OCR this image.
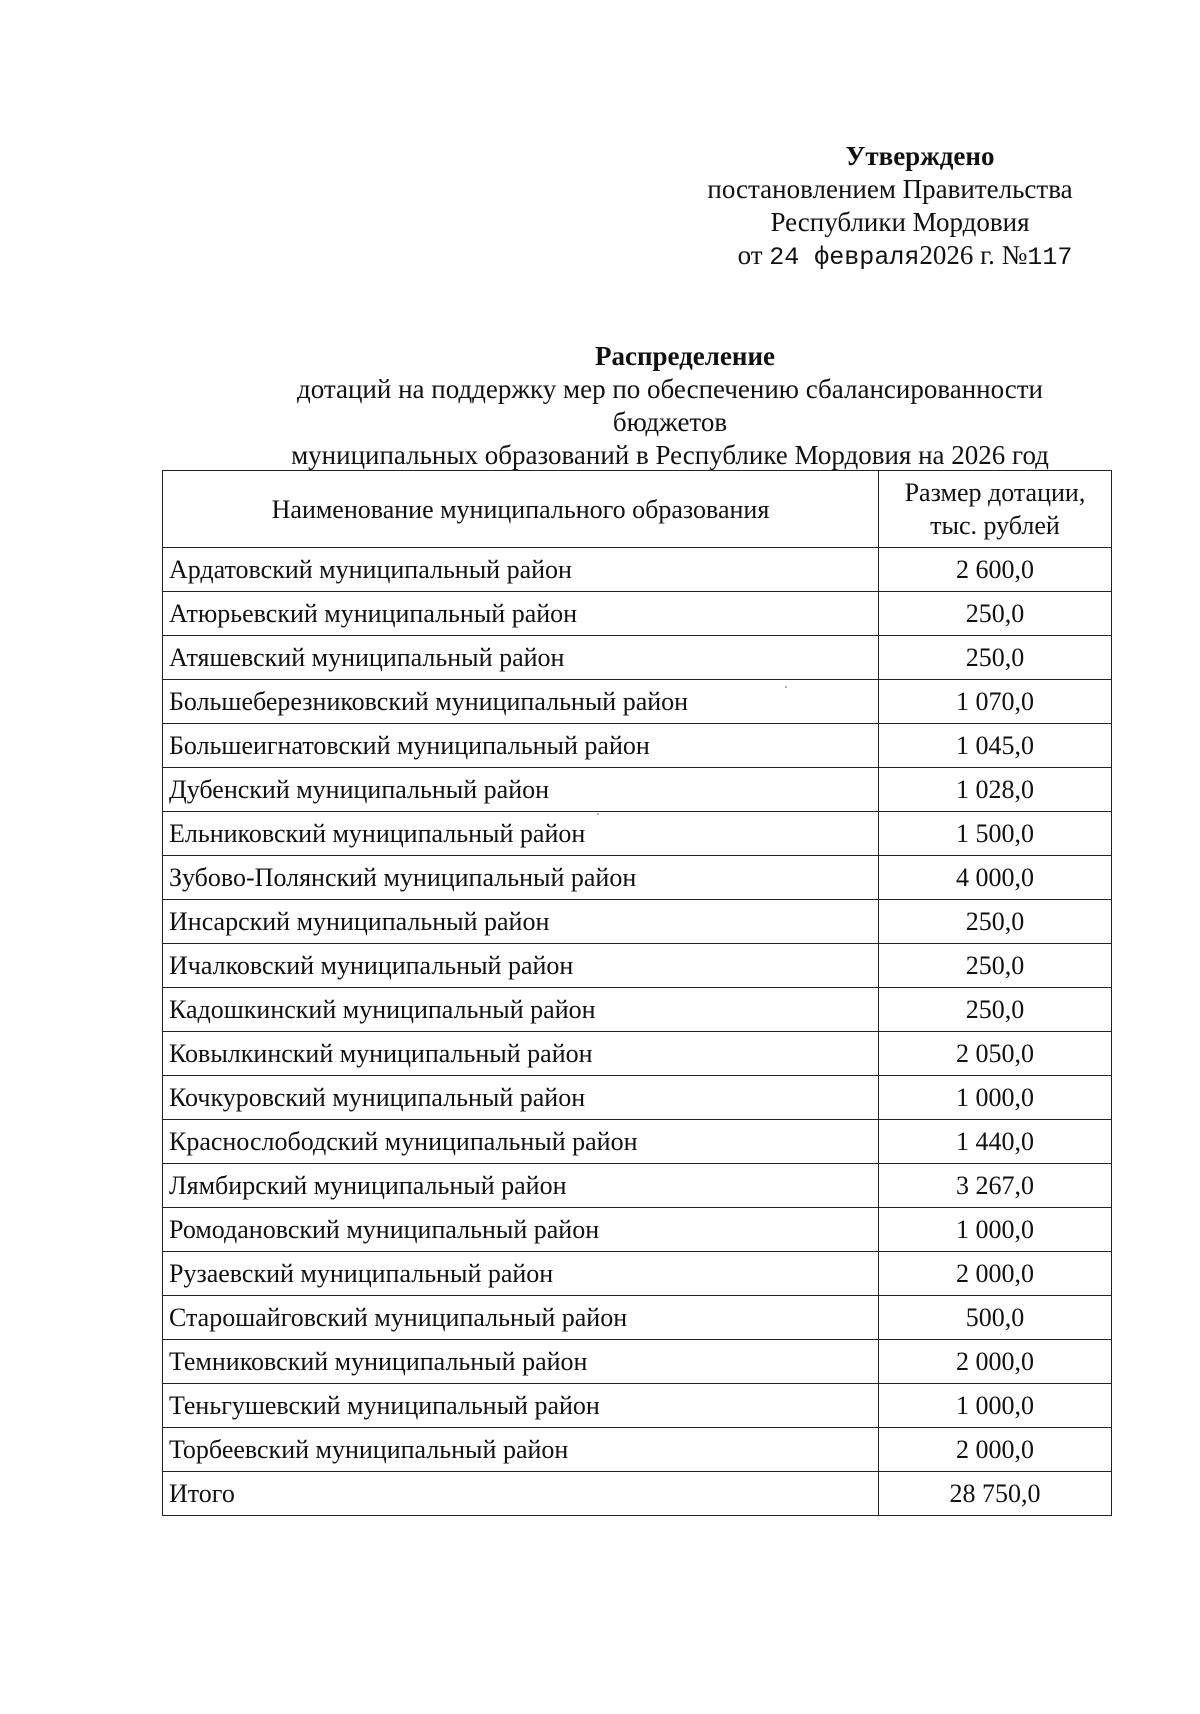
Утверждено
постановлением Правительства
Республики Мордовия
от 24 февраля2026 г. №117
Распределение
дотаций на поддержку мер по обеспечению сбалансированности бюджетов
муниципальных образований в Республике Мордовия на 2026 год
Наименование муниципального образования	Размер дотации,
тыс. рублей
Ардатовский муниципальный район	2 600,0
Атюрьевский муниципальный район	250,0
Атяшевский муниципальный район	250,0
Большеберезниковский муниципальный район	1 070,0
Большеигнатовский муниципальный район	1 045,0
Дубенский муниципальный район	1 028,0
Ельниковский муниципальный район	1 500,0
Зубово-Полянский муниципальный район	4 000,0
Инсарский муниципальный район	250,0
Ичалковский муниципальный район	250,0
Кадошкинский муниципальный район	250,0
Ковылкинский муниципальный район	2 050,0
Кочкуровский муниципальный район	1 000,0
Краснослободский муниципальный район	1 440,0
Лямбирский муниципальный район	3 267,0
Ромодановский муниципальный район	1 000,0
Рузаевский муниципальный район	2 000,0
Старошайговский муниципальный район	500,0
Темниковский муниципальный район	2 000,0
Теньгушевский муниципальный район	1 000,0
Торбеевский муниципальный район	2 000,0
Итого	28 750,0
